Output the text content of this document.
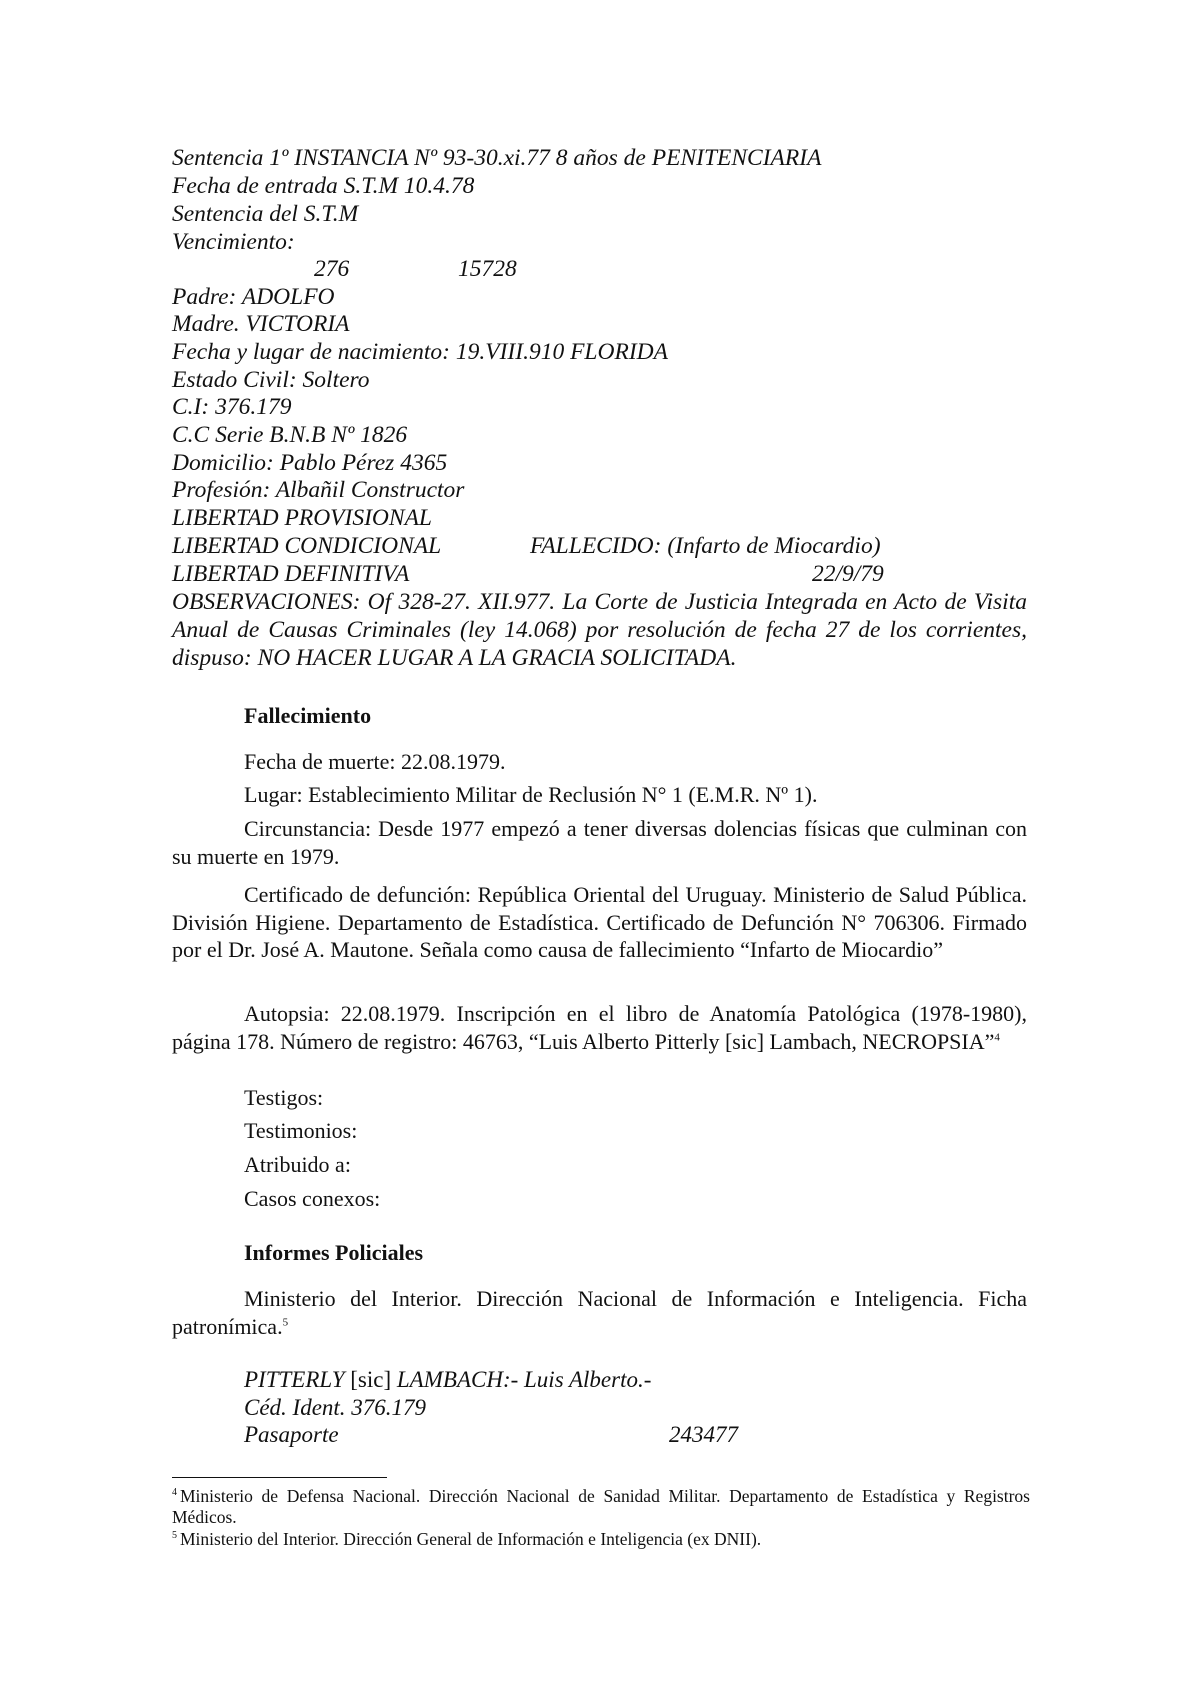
Sentencia 1º INSTANCIA Nº 93-30.xi.77 8 años de PENITENCIARIA
Fecha de entrada S.T.M 10.4.78
Sentencia del S.T.M
Vencimiento:
276	15728
Padre: ADOLFO
Madre. VICTORIA
Fecha y lugar de nacimiento: 19.VIII.910 FLORIDA
Estado Civil: Soltero
C.I: 376.179
C.C Serie B.N.B Nº 1826
Domicilio: Pablo Pérez 4365
Profesión: Albañil Constructor
LIBERTAD PROVISIONAL
LIBERTAD CONDICIONAL	FALLECIDO: (Infarto de Miocardio)
LIBERTAD DEFINITIVA	22/9/79
OBSERVACIONES: Of 328-27. XII.977. La Corte de Justicia Integrada en Acto de Visita Anual de Causas Criminales (ley 14.068) por resolución de fecha 27 de los corrientes, dispuso: NO HACER LUGAR A LA GRACIA SOLICITADA.
Fallecimiento
Fecha de muerte: 22.08.1979.
Lugar: Establecimiento Militar de Reclusión N° 1 (E.M.R. Nº 1).
Circunstancia: Desde 1977 empezó a tener diversas dolencias físicas que culminan con su muerte en 1979.
Certificado de defunción: República Oriental del Uruguay. Ministerio de Salud Pública. División Higiene. Departamento de Estadística. Certificado de Defunción N° 706306. Firmado por el Dr. José A. Mautone. Señala como causa de fallecimiento “Infarto de Miocardio”
Autopsia: 22.08.1979. Inscripción en el libro de Anatomía Patológica (1978-1980), página 178. Número de registro: 46763, “Luis Alberto Pitterly [sic] Lambach, NECROPSIA”$^4$
Testigos:
Testimonios:
Atribuido a:
Casos conexos:
Informes Policiales
Ministerio del Interior. Dirección Nacional de Información e Inteligencia. Ficha patronímica.$^5$
PITTERLY [sic] LAMBACH:- Luis Alberto.-
Céd. Ident. 376.179
Pasaporte	243477
$^4$ Ministerio de Defensa Nacional. Dirección Nacional de Sanidad Militar. Departamento de Estadística y Registros Médicos.
$^5$ Ministerio del Interior. Dirección General de Información e Inteligencia (ex DNII).
